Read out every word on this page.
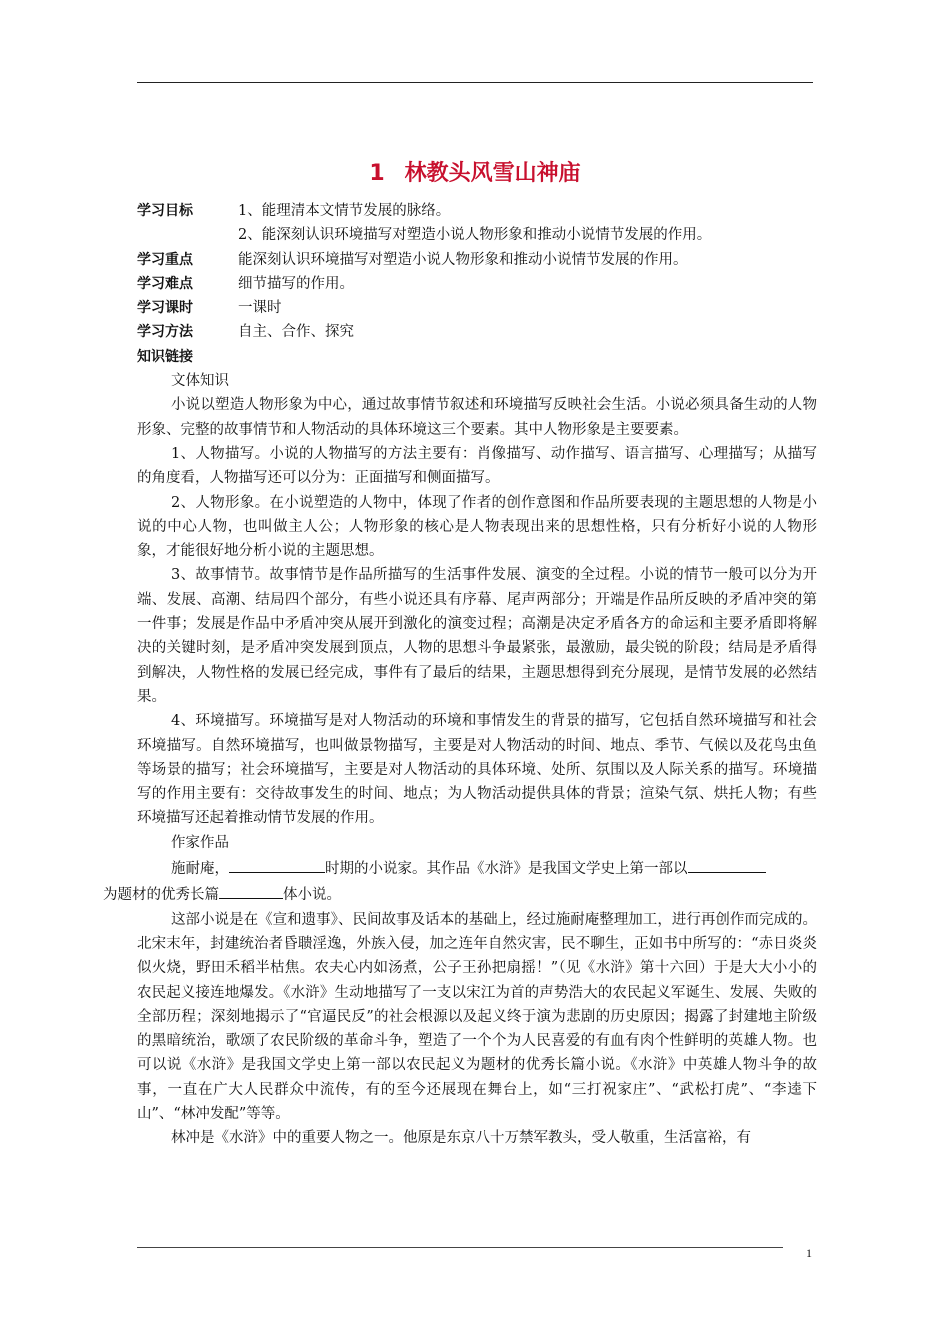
1 林教头风雪山神庙
学习目标	1、能理清本文情节发展的脉络。
2、能深刻认识环境描写对塑造小说人物形象和推动小说情节发展的作用。
学习重点	能深刻认识环境描写对塑造小说人物形象和推动小说情节发展的作用。
学习难点	细节描写的作用。
学习课时	一课时
学习方法	自主、合作、探究
知识链接
文体知识

小说以塑造人物形象为中心，通过故事情节叙述和环境描写反映社会生活。小说必须具备生动的人物形象、完整的故事情节和人物活动的具体环境这三个要素。其中人物形象是主要要素。

1、人物描写。小说的人物描写的方法主要有：肖像描写、动作描写、语言描写、心理描写；从描写的角度看，人物描写还可以分为：正面描写和侧面描写。

2、人物形象。在小说塑造的人物中，体现了作者的创作意图和作品所要表现的主题思想的人物是小说的中心人物，也叫做主人公；人物形象的核心是人物表现出来的思想性格，只有分析好小说的人物形象，才能很好地分析小说的主题思想。

3、故事情节。故事情节是作品所描写的生活事件发展、演变的全过程。小说的情节一般可以分为开端、发展、高潮、结局四个部分，有些小说还具有序幕、尾声两部分；开端是作品所反映的矛盾冲突的第一件事；发展是作品中矛盾冲突从展开到激化的演变过程；高潮是决定矛盾各方的命运和主要矛盾即将解决的关键时刻，是矛盾冲突发展到顶点，人物的思想斗争最紧张，最激励，最尖锐的阶段；结局是矛盾得到解决，人物性格的发展已经完成，事件有了最后的结果，主题思想得到充分展现，是情节发展的必然结果。

4、环境描写。环境描写是对人物活动的环境和事情发生的背景的描写，它包括自然环境描写和社会环境描写。自然环境描写，也叫做景物描写，主要是对人物活动的时间、地点、季节、气候以及花鸟虫鱼等场景的描写；社会环境描写，主要是对人物活动的具体环境、处所、氛围以及人际关系的描写。环境描写的作用主要有：交待故事发生的时间、地点；为人物活动提供具体的背景；渲染气氛、烘托人物；有些环境描写还起着推动情节发展的作用。

作家作品

施耐庵，	时期的小说家。其作品《水浒》是我国文学史上第一部以
为题材的优秀长篇	体小说。

这部小说是在《宣和遗事》、民间故事及话本的基础上，经过施耐庵整理加工，进行再创作而完成的。北宋末年，封建统治者昏聩淫逸，外族入侵，加之连年自然灾害，民不聊生，正如书中所写的：“赤日炎炎似火烧，野田禾稻半枯焦。农夫心内如汤煮，公子王孙把扇摇！”（见《水浒》第十六回）于是大大小小的农民起义接连地爆发。《水浒》生动地描写了一支以宋江为首的声势浩大的农民起义军诞生、发展、失败的全部历程；深刻地揭示了“官逼民反”的社会根源以及起义终于演为悲剧的历史原因；揭露了封建地主阶级的黑暗统治，歌颂了农民阶级的革命斗争，塑造了一个个为人民喜爱的有血有肉个性鲜明的英雄人物。也可以说《水浒》是我国文学史上第一部以农民起义为题材的优秀长篇小说。《水浒》中英雄人物斗争的故事，一直在广大人民群众中流传，有的至今还展现在舞台上，如“三打祝家庄”、“武松打虎”、“李逵下山”、“林冲发配”等等。

林冲是《水浒》中的重要人物之一。他原是东京八十万禁军教头，受人敬重，生活富裕，有

1
